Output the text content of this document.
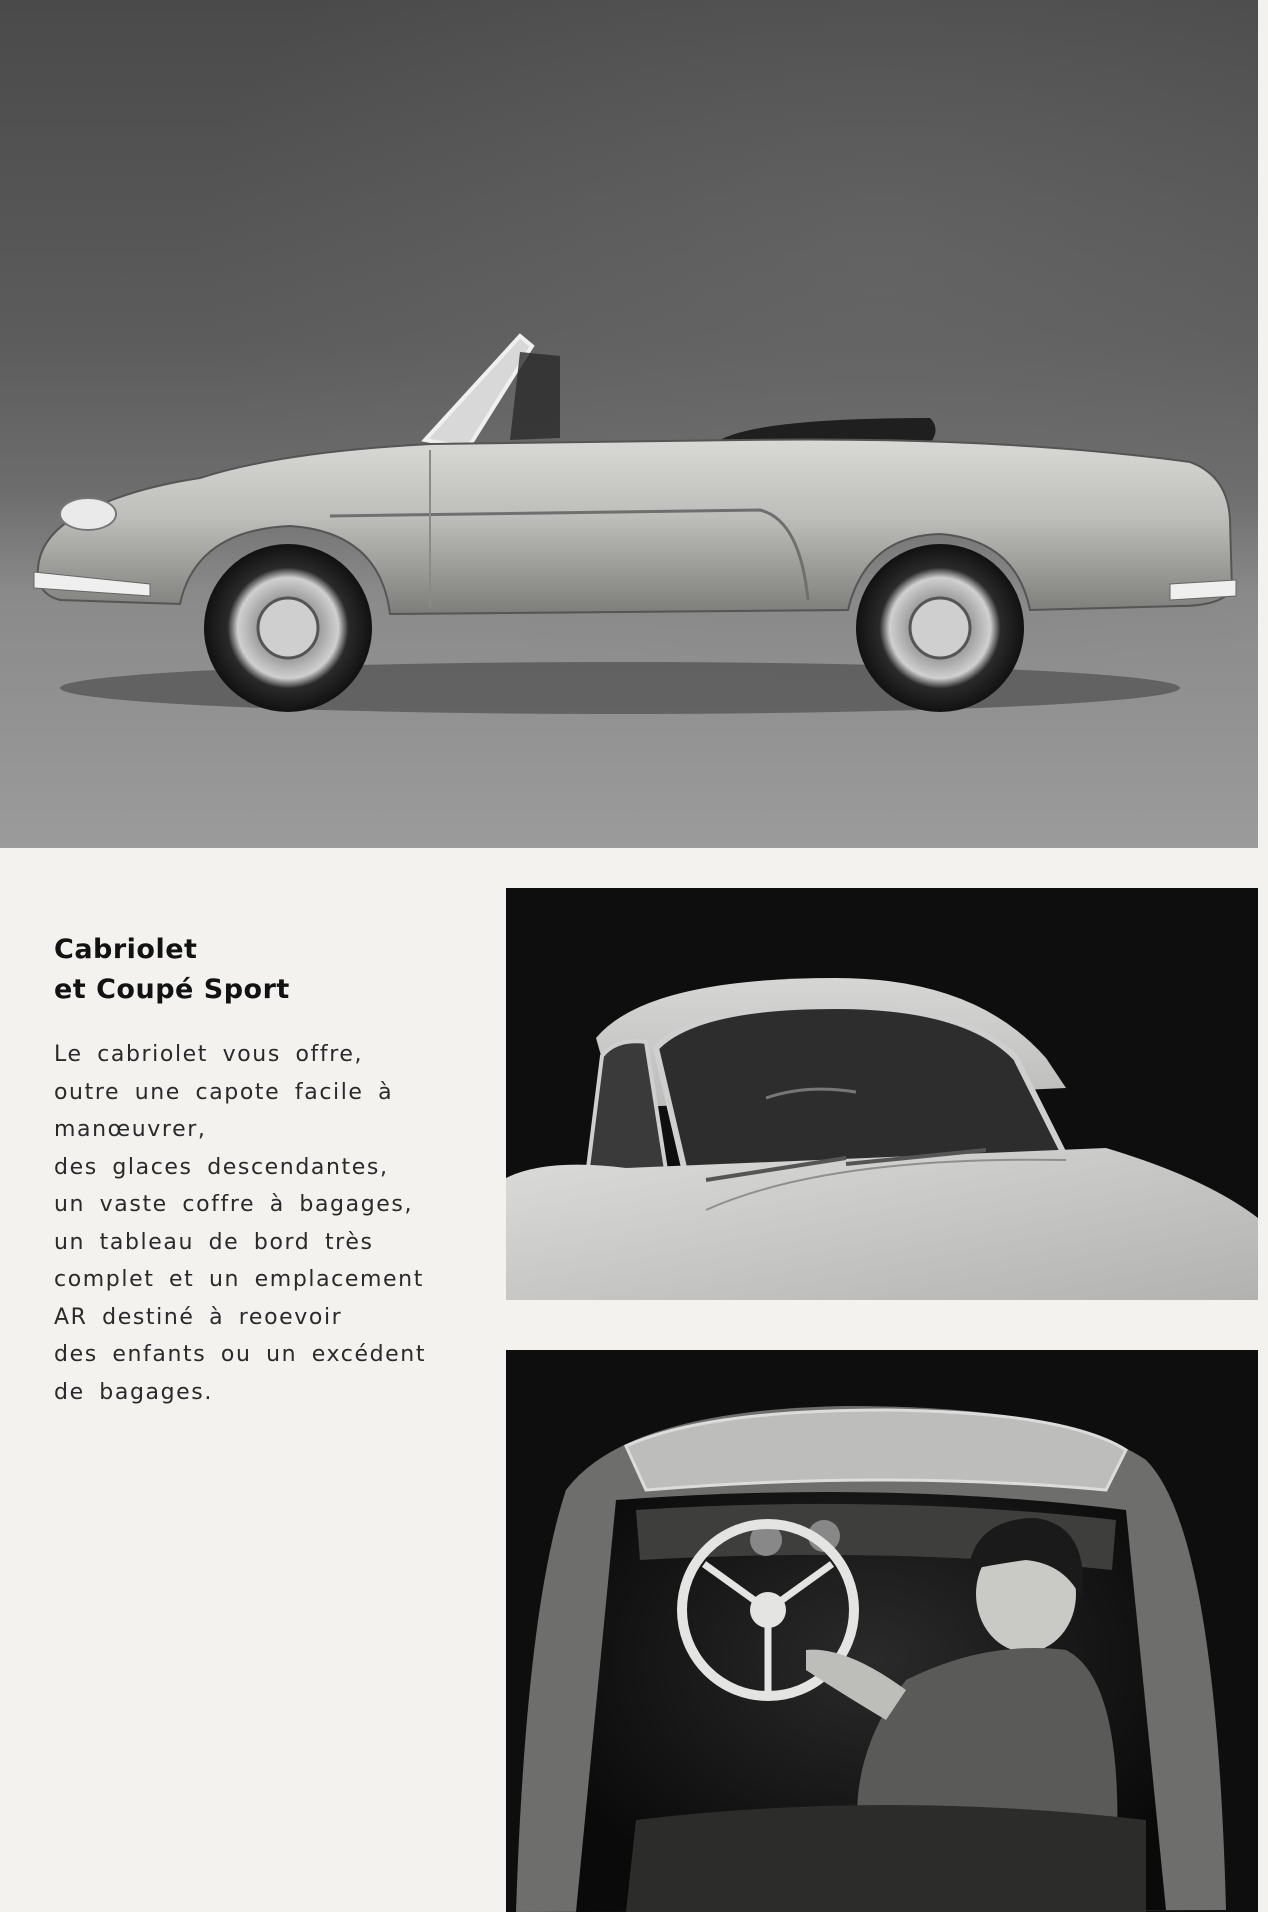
Cabriolet
et Coupé Sport

Le cabriolet vous offre,
outre une capote facile à
manœuvrer,
des glaces descendantes,
un vaste coffre à bagages,
un tableau de bord très
complet et un emplacement
AR destiné à reoevoir
des enfants ou un excédent
de bagages.
